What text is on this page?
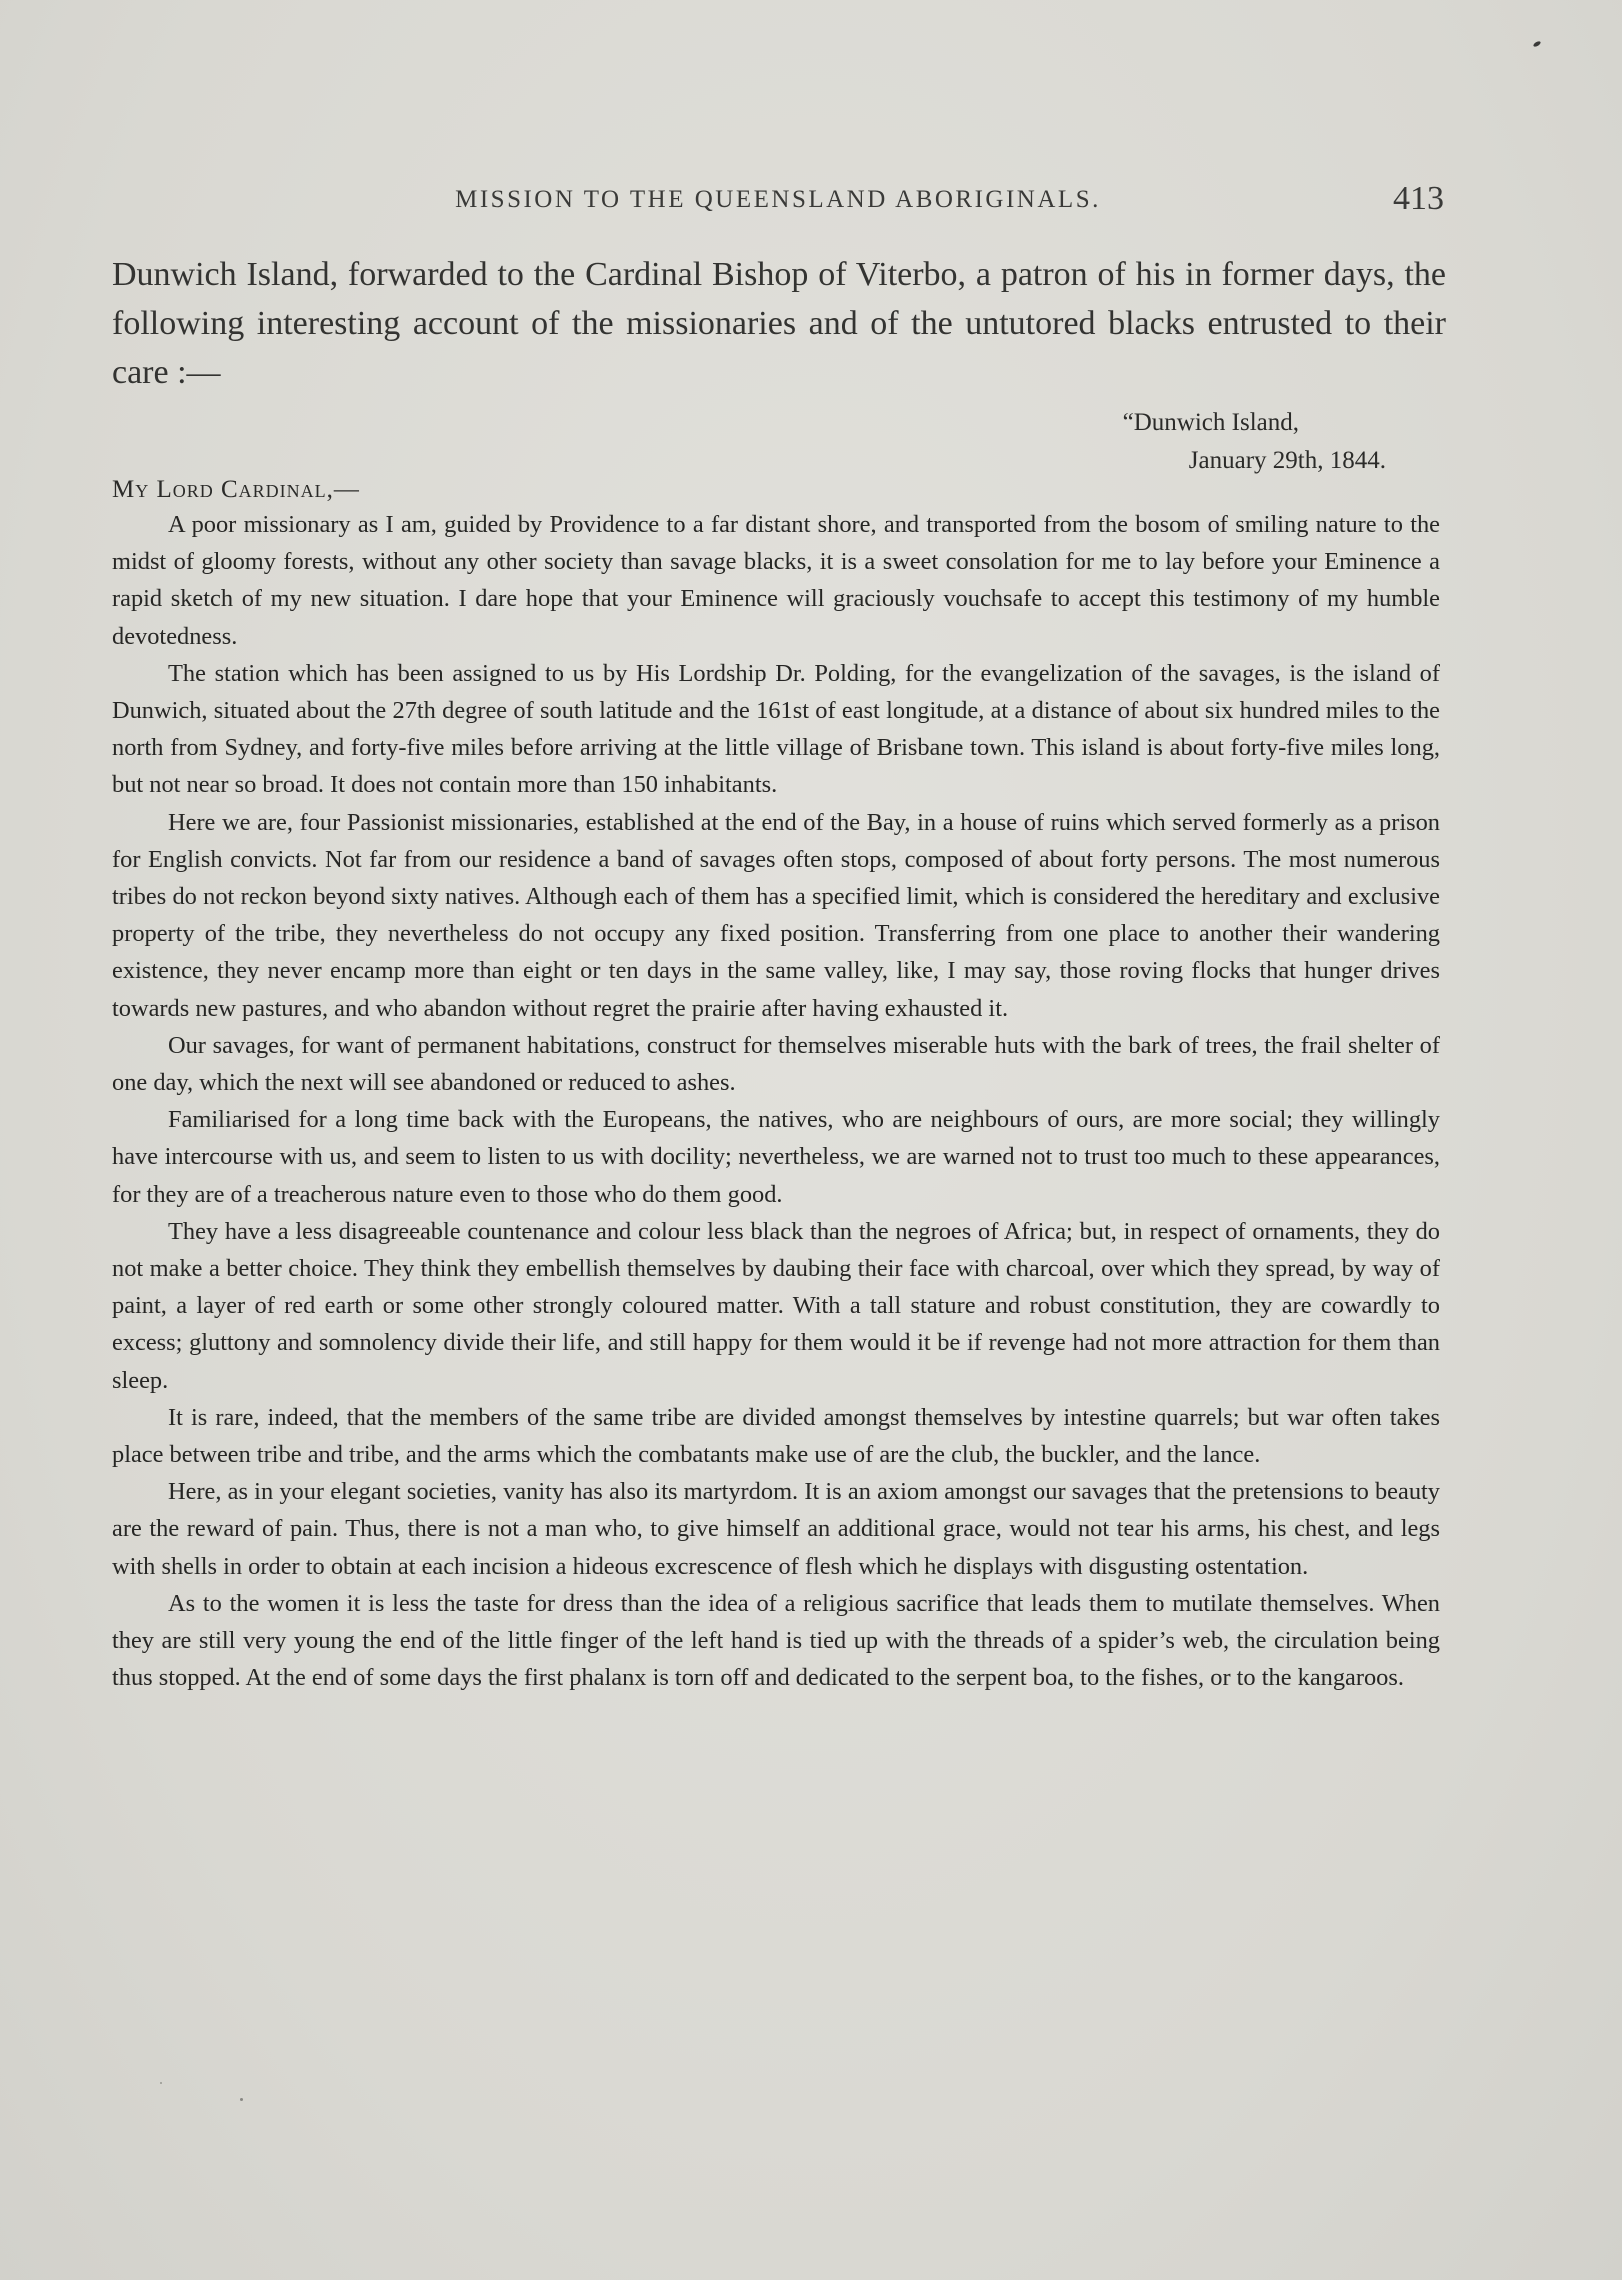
MISSION TO THE QUEENSLAND ABORIGINALS.	413
Dunwich Island, forwarded to the Cardinal Bishop of Viterbo, a patron of his in former days, the following interesting account of the missionaries and of the untutored blacks entrusted to their care :—
“Dunwich Island,
January 29th, 1844.
My Lord Cardinal,—

A poor missionary as I am, guided by Providence to a far distant shore, and transported from the bosom of smiling nature to the midst of gloomy forests, without any other society than savage blacks, it is a sweet consolation for me to lay before your Eminence a rapid sketch of my new situation. I dare hope that your Eminence will graciously vouchsafe to accept this testimony of my humble devotedness.

The station which has been assigned to us by His Lordship Dr. Polding, for the evangelization of the savages, is the island of Dunwich, situated about the 27th degree of south latitude and the 161st of east longitude, at a distance of about six hundred miles to the north from Sydney, and forty-five miles before arriving at the little village of Brisbane town. This island is about forty-five miles long, but not near so broad. It does not contain more than 150 inhabitants.

Here we are, four Passionist missionaries, established at the end of the Bay, in a house of ruins which served formerly as a prison for English convicts. Not far from our residence a band of savages often stops, composed of about forty persons. The most numerous tribes do not reckon beyond sixty natives. Although each of them has a specified limit, which is considered the hereditary and exclusive property of the tribe, they nevertheless do not occupy any fixed position. Transferring from one place to another their wandering existence, they never encamp more than eight or ten days in the same valley, like, I may say, those roving flocks that hunger drives towards new pastures, and who abandon without regret the prairie after having exhausted it.

Our savages, for want of permanent habitations, construct for themselves miserable huts with the bark of trees, the frail shelter of one day, which the next will see abandoned or reduced to ashes.

Familiarised for a long time back with the Europeans, the natives, who are neighbours of ours, are more social; they willingly have intercourse with us, and seem to listen to us with docility; nevertheless, we are warned not to trust too much to these appearances, for they are of a treacherous nature even to those who do them good.

They have a less disagreeable countenance and colour less black than the negroes of Africa; but, in respect of ornaments, they do not make a better choice. They think they embellish themselves by daubing their face with charcoal, over which they spread, by way of paint, a layer of red earth or some other strongly coloured matter. With a tall stature and robust constitution, they are cowardly to excess; gluttony and somnolency divide their life, and still happy for them would it be if revenge had not more attraction for them than sleep.

It is rare, indeed, that the members of the same tribe are divided amongst themselves by intestine quarrels; but war often takes place between tribe and tribe, and the arms which the combatants make use of are the club, the buckler, and the lance.

Here, as in your elegant societies, vanity has also its martyrdom. It is an axiom amongst our savages that the pretensions to beauty are the reward of pain. Thus, there is not a man who, to give himself an additional grace, would not tear his arms, his chest, and legs with shells in order to obtain at each incision a hideous excrescence of flesh which he displays with disgusting ostentation.

As to the women it is less the taste for dress than the idea of a religious sacrifice that leads them to mutilate themselves. When they are still very young the end of the little finger of the left hand is tied up with the threads of a spider’s web, the circulation being thus stopped. At the end of some days the first phalanx is torn off and dedicated to the serpent boa, to the fishes, or to the kangaroos.
